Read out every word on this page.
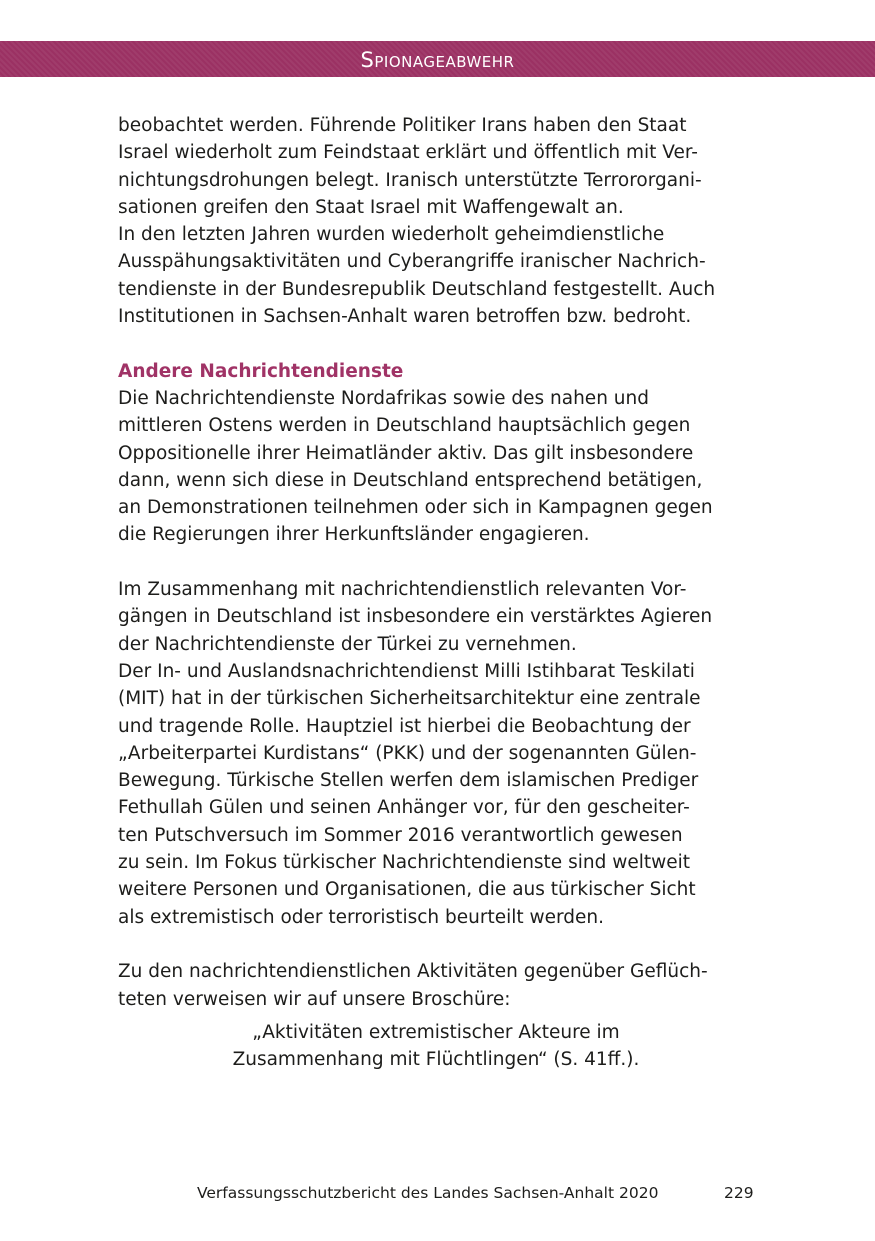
Spionageabwehr

beobachtet werden. Führende Politiker Irans haben den Staat
Israel wiederholt zum Feindstaat erklärt und öffentlich mit Ver-
nichtungsdrohungen belegt. Iranisch unterstützte Terrororgani-
sationen greifen den Staat Israel mit Waffengewalt an.

In den letzten Jahren wurden wiederholt geheimdienstliche
Ausspähungsaktivitäten und Cyberangriffe iranischer Nachrich-
tendienste in der Bundesrepublik Deutschland festgestellt. Auch
Institutionen in Sachsen-Anhalt waren betroffen bzw. bedroht.

Andere Nachrichtendienste

Die Nachrichtendienste Nordafrikas sowie des nahen und
mittleren Ostens werden in Deutschland hauptsächlich gegen
Oppositionelle ihrer Heimatländer aktiv. Das gilt insbesondere
dann, wenn sich diese in Deutschland entsprechend betätigen,
an Demonstrationen teilnehmen oder sich in Kampagnen gegen
die Regierungen ihrer Herkunftsländer engagieren.

Im Zusammenhang mit nachrichtendienstlich relevanten Vor-
gängen in Deutschland ist insbesondere ein verstärktes Agieren
der Nachrichtendienste der Türkei zu vernehmen.

Der In- und Auslandsnachrichtendienst Milli Istihbarat Teskilati
(MIT) hat in der türkischen Sicherheitsarchitektur eine zentrale
und tragende Rolle. Hauptziel ist hierbei die Beobachtung der
„Arbeiterpartei Kurdistans“ (PKK) und der sogenannten Gülen-
Bewegung. Türkische Stellen werfen dem islamischen Prediger
Fethullah Gülen und seinen Anhänger vor, für den gescheiter-
ten Putschversuch im Sommer 2016 verantwortlich gewesen
zu sein. Im Fokus türkischer Nachrichtendienste sind weltweit
weitere Personen und Organisationen, die aus türkischer Sicht
als extremistisch oder terroristisch beurteilt werden.

Zu den nachrichtendienstlichen Aktivitäten gegenüber Geflüch-
teten verweisen wir auf unsere Broschüre:

„Aktivitäten extremistischer Akteure im
Zusammenhang mit Flüchtlingen“ (S. 41ff.).

Verfassungsschutzbericht des Landes Sachsen-Anhalt 2020	229
